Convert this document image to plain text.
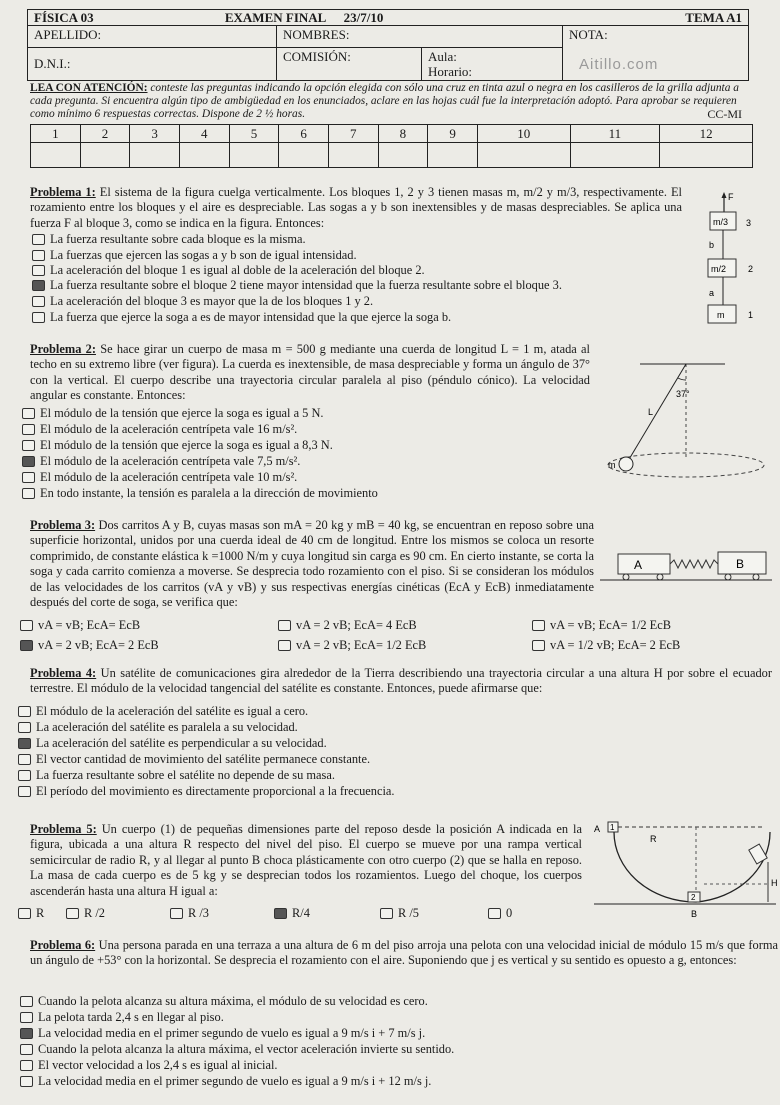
FÍSICA 03 EXAMEN FINAL 23/7/10 TEMA A1			

APELLIDO:	NOMBRES:		NOTA:
Aitillo.com

D.N.I.:	COMISIÓN:	Aula:
Horario:	
LEA CON ATENCIÓN: conteste las preguntas indicando la opción elegida con sólo una cruz en tinta azul o negra en los casilleros de la grilla adjunta a cada pregunta. Si encuentra algún tipo de ambigüedad en los enunciados, aclare en las hojas cuál fue la interpretación adoptó. Para aprobar se requieren como mínimo 6 respuestas correctas. Dispone de 2 ½ horas.	CC-MI
1	2	3	4	5	6	7	8	9	10	11	12

Problema 1: El sistema de la figura cuelga verticalmente. Los bloques 1, 2 y 3 tienen masas m, m/2 y m/3, respectivamente. El rozamiento entre los bloques y el aire es despreciable. Las sogas a y b son inextensibles y de masas despreciables. Se aplica una fuerza F al bloque 3, como se indica en la figura. Entonces:
La fuerza resultante sobre cada bloque es la misma.
La fuerzas que ejercen las sogas a y b son de igual intensidad.
La aceleración del bloque 1 es igual al doble de la aceleración del bloque 2.
La fuerza resultante sobre el bloque 2 tiene mayor intensidad que la fuerza resultante sobre el bloque 3.
La aceleración del bloque 3 es mayor que la de los bloques 1 y 2.
La fuerza que ejerce la soga a es de mayor intensidad que la que ejerce la soga b.
Problema 2: Se hace girar un cuerpo de masa m = 500 g mediante una cuerda de longitud L = 1 m, atada al techo en su extremo libre (ver figura). La cuerda es inextensible, de masa despreciable y forma un ángulo de 37° con la vertical. El cuerpo describe una trayectoria circular paralela al piso (péndulo cónico). La velocidad angular es constante. Entonces:
El módulo de la tensión que ejerce la soga es igual a 5 N.
El módulo de la aceleración centrípeta vale 16 m/s².
El módulo de la tensión que ejerce la soga es igual a 8,3 N.
El módulo de la aceleración centrípeta vale 7,5 m/s².
El módulo de la aceleración centrípeta vale 10 m/s².
En todo instante, la tensión es paralela a la dirección de movimiento
Problema 3: Dos carritos A y B, cuyas masas son mA = 20 kg y mB = 40 kg, se encuentran en reposo sobre una superficie horizontal, unidos por una cuerda ideal de 40 cm de longitud. Entre los mismos se coloca un resorte comprimido, de constante elástica k =1000 N/m y cuya longitud sin carga es 90 cm. En cierto instante, se corta la soga y cada carrito comienza a moverse. Se desprecia todo rozamiento con el piso. Si se consideran los módulos de las velocidades de los carritos (vA y vB) y sus respectivas energías cinéticas (EcA y EcB) inmediatamente después del corte de soga, se verifica que:
vA = vB; EcA= EcB	vA = 2 vB; EcA= 4 EcB	vA = vB; EcA= 1/2 EcB
vA = 2 vB; EcA= 2 EcB	vA = 2 vB; EcA= 1/2 EcB	vA = 1/2 vB; EcA= 2 EcB
Problema 4: Un satélite de comunicaciones gira alrededor de la Tierra describiendo una trayectoria circular a una altura H por sobre el ecuador terrestre. El módulo de la velocidad tangencial del satélite es constante. Entonces, puede afirmarse que:
El módulo de la aceleración del satélite es igual a cero.
La aceleración del satélite es paralela a su velocidad.
La aceleración del satélite es perpendicular a su velocidad.
El vector cantidad de movimiento del satélite permanece constante.
La fuerza resultante sobre el satélite no depende de su masa.
El período del movimiento es directamente proporcional a la frecuencia.
Problema 5: Un cuerpo (1) de pequeñas dimensiones parte del reposo desde la posición A indicada en la figura, ubicada a una altura R respecto del nivel del piso. El cuerpo se mueve por una rampa vertical semicircular de radio R, y al llegar al punto B choca plásticamente con otro cuerpo (2) que se halla en reposo. La masa de cada cuerpo es de 5 kg y se desprecian todos los rozamientos. Luego del choque, los cuerpos ascenderán hasta una altura H igual a:
R	R /2	R /3	R/4	R /5	0
Problema 6: Una persona parada en una terraza a una altura de 6 m del piso arroja una pelota con una velocidad inicial de módulo 15 m/s que forma un ángulo de +53° con la horizontal. Se desprecia el rozamiento con el aire. Suponiendo que j es vertical y su sentido es opuesto a g, entonces:
Cuando la pelota alcanza su altura máxima, el módulo de su velocidad es cero.
La pelota tarda 2,4 s en llegar al piso.
La velocidad media en el primer segundo de vuelo es igual a 9 m/s i + 7 m/s j.
Cuando la pelota alcanza la altura máxima, el vector aceleración invierte su sentido.
El vector velocidad a los 2,4 s es igual al inicial.
La velocidad media en el primer segundo de vuelo es igual a 9 m/s i + 12 m/s j.
F
m/3 3
b
m/2 2
a
m	1
37°
L
m
A	B
A 1
R
2
H
B
